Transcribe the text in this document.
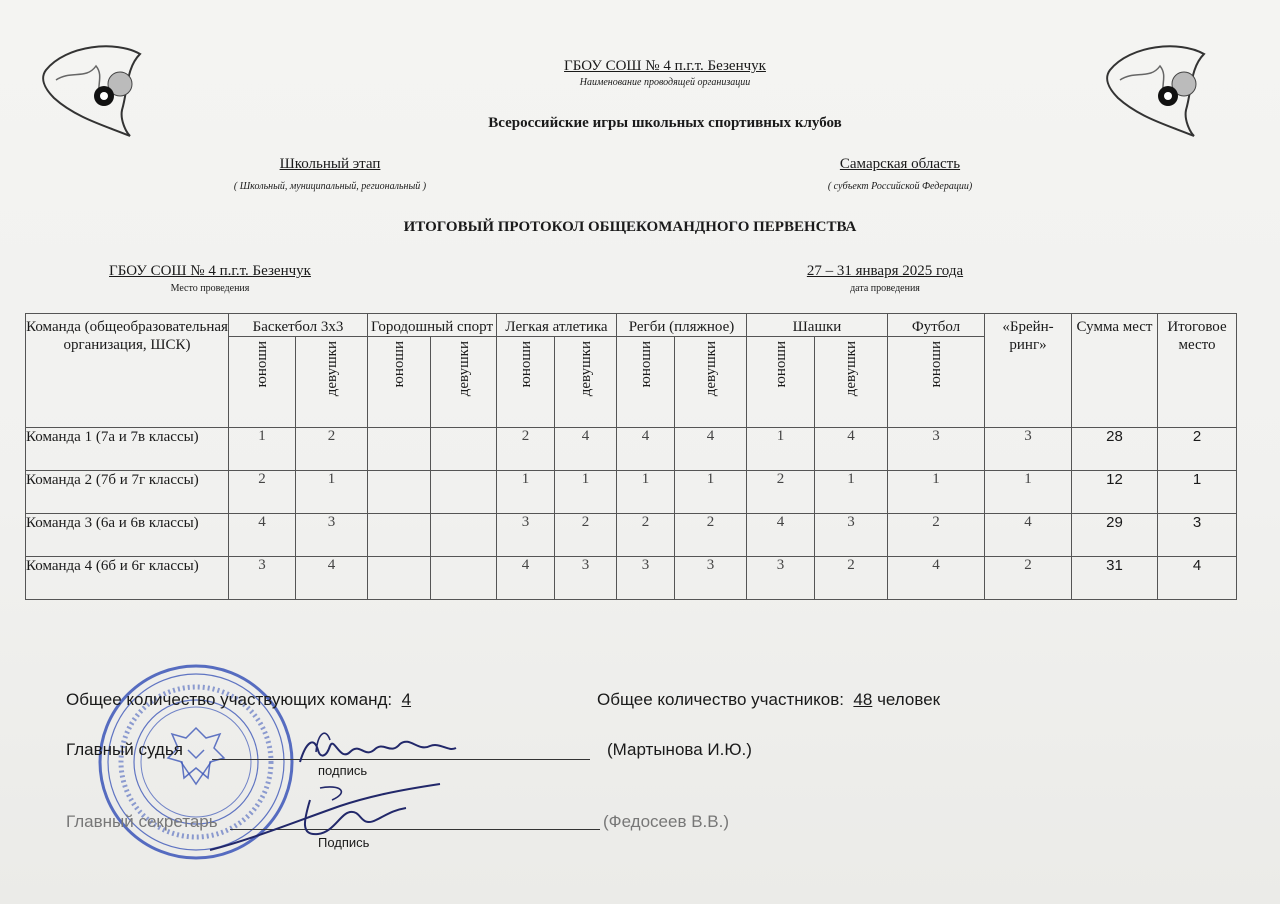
ГБОУ СОШ № 4 п.г.т. Безенчук
Наименование проводящей организации
Всероссийские игры школьных спортивных клубов
Школьный этап
( Школьный, муниципальный, региональный )
Самарская область
( субъект Российской Федерации)
ИТОГОВЫЙ ПРОТОКОЛ ОБЩЕКОМАНДНОГО ПЕРВЕНСТВА
ГБОУ СОШ № 4 п.г.т. Безенчук
Место проведения
27 – 31 января 2025 года
дата проведения
Команда (общеобразовательная организация, ШСК)	Баскетбол 3х3		Городошный спорт		Легкая атлетика		Регби (пляжное)		Шашки		Футбол	«Брейн-ринг»	Сумма мест	Итоговое место

	юноши	девушки	юноши	девушки	юноши	девушки	юноши	девушки	юноши	девушки	юноши			

Команда 1 (7а и 7в классы)	1	2			2	4	4	4	1	4	3	3	28	2
Команда 2 (7б и 7г классы)	2	1			1	1	1	1	2	1	1	1	12	1
Команда 3 (6а и 6в классы)	4	3			3	2	2	2	4	3	2	4	29	3
Команда 4 (6б и 6г классы)	3	4			4	3	3	3	3	2	4	2	31	4
Общее количество участвующих команд: 4	Общее количество участников: 48 человек
Главный судья	(Мартынова И.Ю.)
подпись
Главный секретарь	(Федосеев В.В.)
Подпись
